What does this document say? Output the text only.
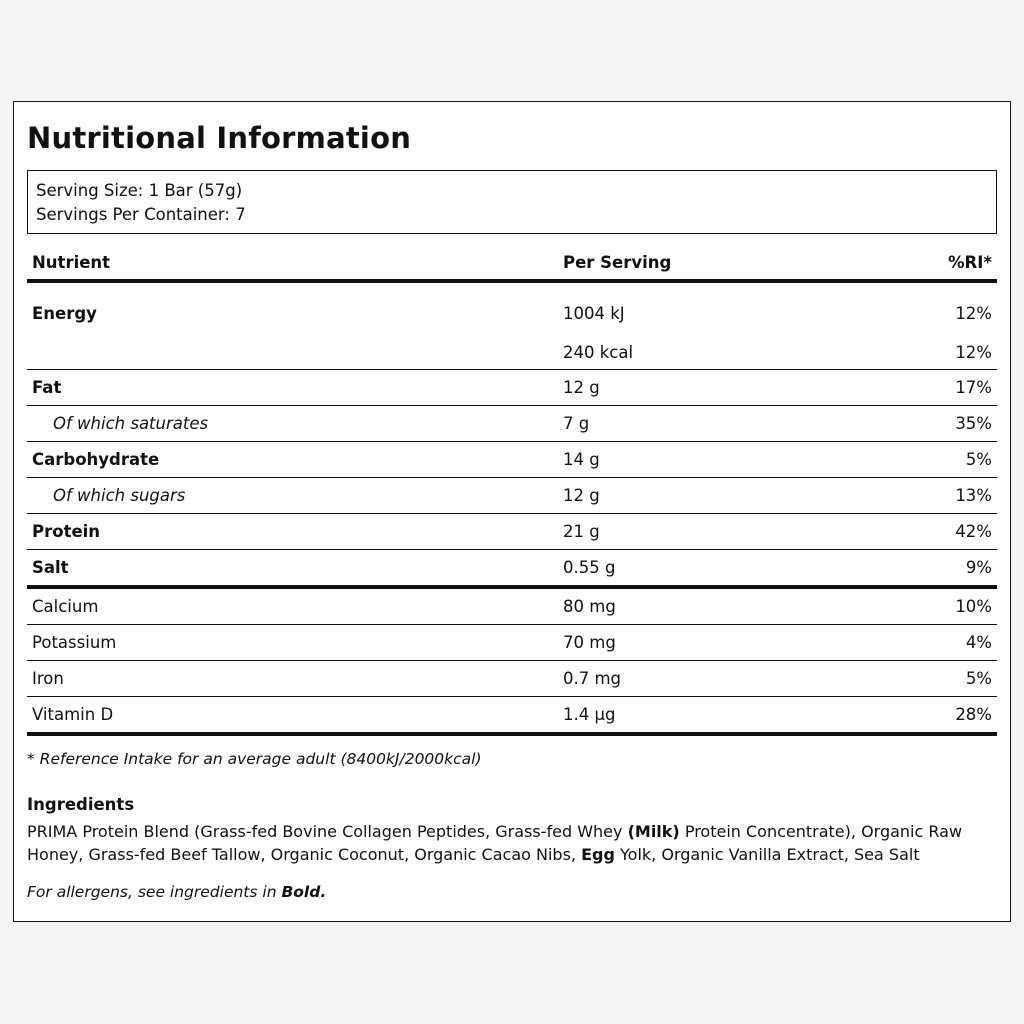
Nutritional Information
Serving Size: 1 Bar (57g)
Servings Per Container: 7
Nutrient	Per Serving	%RI*
Energy	1004 kJ	12%
	240 kcal	12%
Fat	12 g	17%
Of which saturates	7 g	35%
Carbohydrate	14 g	5%
Of which sugars	12 g	13%
Protein	21 g	42%
Salt	0.55 g	9%
Calcium	80 mg	10%
Potassium	70 mg	4%
Iron	0.7 mg	5%
Vitamin D	1.4 µg	28%
* Reference Intake for an average adult (8400kJ/2000kcal)
Ingredients
PRIMA Protein Blend (Grass-fed Bovine Collagen Peptides, Grass-fed Whey (Milk) Protein Concentrate), Organic Raw Honey, Grass-fed Beef Tallow, Organic Coconut, Organic Cacao Nibs, Egg Yolk, Organic Vanilla Extract, Sea Salt
For allergens, see ingredients in Bold.
